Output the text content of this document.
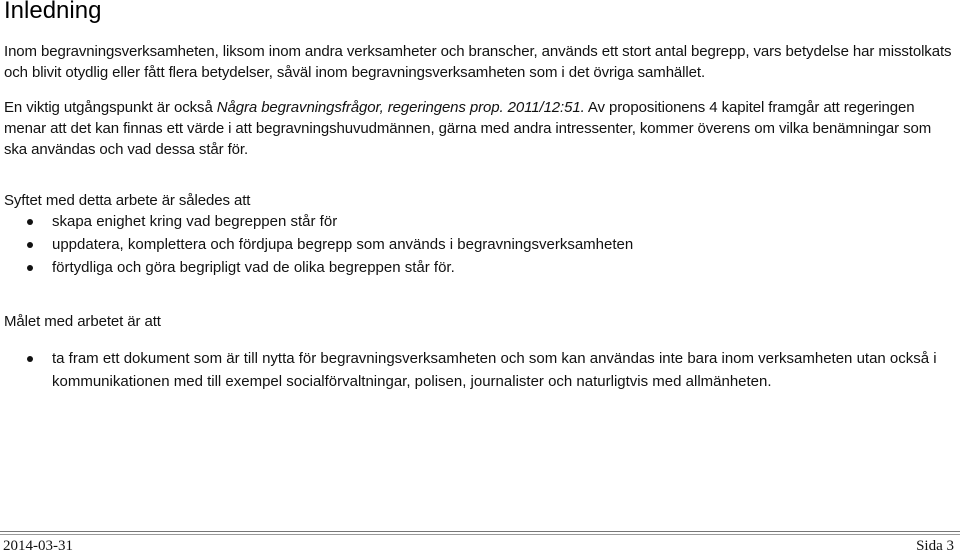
Inledning

Inom begravningsverksamheten, liksom inom andra verksamheter och branscher, används ett stort antal begrepp, vars betydelse har misstolkats och blivit otydlig eller fått flera betydelser, såväl inom begravningsverksamheten som i det övriga samhället.

En viktig utgångspunkt är också Några begravningsfrågor, regeringens prop. 2011/12:51. Av propositionens 4 kapitel framgår att regeringen menar att det kan finnas ett värde i att begravningshuvudmännen, gärna med andra intressenter, kommer överens om vilka benämningar som ska användas och vad dessa står för.

Syftet med detta arbete är således att

skapa enighet kring vad begreppen står för
uppdatera, komplettera och fördjupa begrepp som används i begravningsverksamheten
förtydliga och göra begripligt vad de olika begreppen står för.

Målet med arbetet är att

ta fram ett dokument som är till nytta för begravningsverksamheten och som kan användas inte bara inom verksamheten utan också i kommunikationen med till exempel socialförvaltningar, polisen, journalister och naturligtvis med allmänheten.
2014-03-31	Sida 3
